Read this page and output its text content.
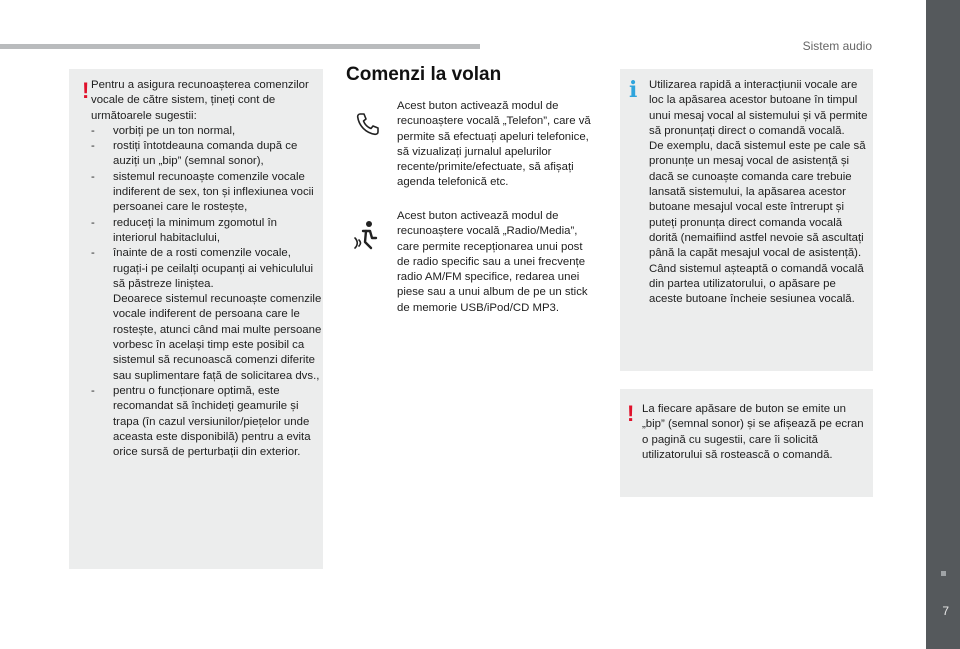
Sistem audio
7
! Pentru a asigura recunoașterea comenzilor vocale de către sistem, țineți cont de următoarele sugestii:

-	vorbiți pe un ton normal,
-	rostiți întotdeauna comanda după ce auziți un „bip” (semnal sonor),
-	sistemul recunoaște comenzile vocale indiferent de sex, ton și inflexiunea vocii persoanei care le rostește,
-	reduceți la minimum zgomotul în interiorul habitaclului,
-	înainte de a rosti comenzile vocale, rugați-i pe ceilalți ocupanți ai vehiculului să păstreze liniștea.

Deoarece sistemul recunoaște comenzile vocale indiferent de persoana care le rostește, atunci când mai multe persoane vorbesc în același timp este posibil ca sistemul să recunoască comenzi diferite sau suplimentare față de solicitarea dvs.,

-	pentru o funcționare optimă, este recomandat să închideți geamurile și trapa (în cazul versiunilor/piețelor unde aceasta este disponibilă) pentru a evita orice sursă de perturbații din exterior.
Comenzi la volan
Acest buton activează modul de recunoaștere vocală „Telefon”, care vă permite să efectuați apeluri telefonice, să vizualizați jurnalul apelurilor recente/primite/efectuate, să afișați agenda telefonică etc.
Acest buton activează modul de recunoaștere vocală „Radio/Media”, care permite recepționarea unui post de radio specific sau a unei frecvențe radio AM/FM specifice, redarea unei piese sau a unui album de pe un stick de memorie USB/iPod/CD MP3.
i Utilizarea rapidă a interacțiunii vocale are loc la apăsarea acestor butoane în timpul unui mesaj vocal al sistemului și vă permite să pronunțați direct o comandă vocală.

De exemplu, dacă sistemul este pe cale să pronunțe un mesaj vocal de asistență și dacă se cunoaște comanda care trebuie lansată sistemului, la apăsarea acestor butoane mesajul vocal este întrerupt și puteți pronunța direct comanda vocală dorită (nemaifiind astfel nevoie să ascultați până la capăt mesajul vocal de asistență).

Când sistemul așteaptă o comandă vocală din partea utilizatorului, o apăsare pe aceste butoane încheie sesiunea vocală.

! La fiecare apăsare de buton se emite un „bip” (semnal sonor) și se afișează pe ecran o pagină cu sugestii, care îi solicită utilizatorului să rostească o comandă.
